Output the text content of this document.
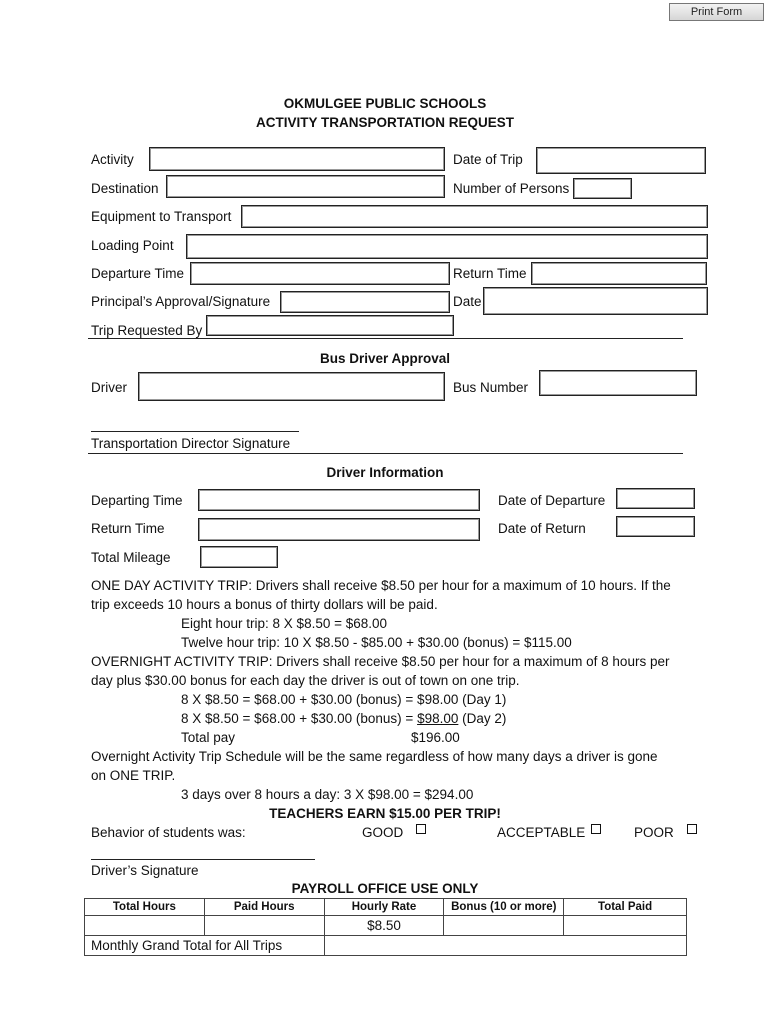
Print Form
OKMULGEE PUBLIC SCHOOLS
ACTIVITY TRANSPORTATION REQUEST
Activity	Date of Trip
Destination	Number of Persons
Equipment to Transport
Loading Point
Departure Time	Return Time
Principal’s Approval/Signature	Date
Trip Requested By
Bus Driver Approval
Driver	Bus Number
Transportation Director Signature
Driver Information
Departing Time	Date of Departure
Return Time	Date of Return
Total Mileage
ONE DAY ACTIVITY TRIP: Drivers shall receive $8.50 per hour for a maximum of 10 hours. If the
trip exceeds 10 hours a bonus of thirty dollars will be paid.
Eight hour trip: 8 X $8.50 = $68.00
Twelve hour trip: 10 X $8.50 - $85.00 + $30.00 (bonus) = $115.00
OVERNIGHT ACTIVITY TRIP: Drivers shall receive $8.50 per hour for a maximum of 8 hours per
day plus $30.00 bonus for each day the driver is out of town on one trip.
8 X $8.50 = $68.00 + $30.00 (bonus) = $98.00 (Day 1)
8 X $8.50 = $68.00 + $30.00 (bonus) = $98.00 (Day 2)
Total pay	$196.00
Overnight Activity Trip Schedule will be the same regardless of how many days a driver is gone
on ONE TRIP.
3 days over 8 hours a day: 3 X $98.00 = $294.00
TEACHERS EARN $15.00 PER TRIP!
Behavior of students was:	GOOD	ACCEPTABLE	POOR
Driver’s Signature
PAYROLL OFFICE USE ONLY
Total Hours	Paid Hours	Hourly Rate	Bonus (10 or more)	Total Paid
		$8.50		
Monthly Grand Total for All Trips				
